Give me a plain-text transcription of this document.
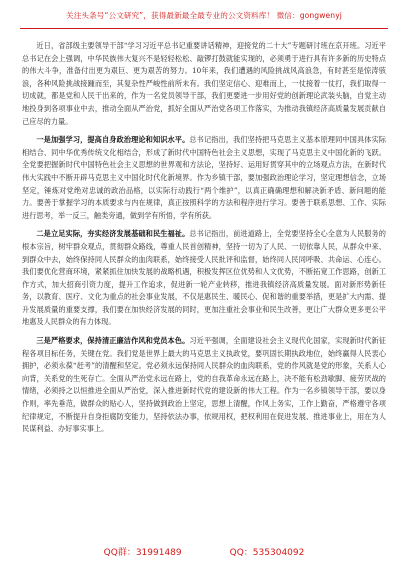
关注头条号“公文研究”，获得最新最全最专业的公文资料库！ 微信：gongwenyj

近日，省部级主要领导干部“学习习近平总书记重要讲话精神，迎接党的二十大”专题研讨班在京开班。习近平总书记在会上强调，中华民族伟大复兴不是轻轻松松、敲锣打鼓就能实现的，必须勇于进行具有许多新的历史特点的伟大斗争，准备付出更为艰巨、更为艰苦的努力。10年来，我们遭遇的风险挑战风高浪急，有时甚至是惊涛骇浪，各种风险挑战接踵而至，其复杂性严峻性前所未有。我们坚定信心、迎难而上，一仗接着一仗打，我们取得一切成就，都是党和人民干出来的，作为一名党员领导干部，我们更要进一步用好党的创新理论武装头脑，自觉主动地投身到各项事业中去，推动全面从严治党，抓好全面从严治党各项工作落实，为推动我镇经济高质量发展贡献自己应尽的力量。

一是加强学习，提高自身政治理论和知识水平。总书记指出，我们坚持把马克思主义基本原理同中国具体实际相结合、同中华优秀传统文化相结合，形成了新时代中国特色社会主义思想，实现了马克思主义中国化新的飞跃。全党要把握新时代中国特色社会主义思想的世界观和方法论，坚持好、运用好贯穿其中的立场观点方法，在新时代伟大实践中不断开辟马克思主义中国化时代化新境界。作为乡镇干部，要加强政治理论学习，坚定理想信念，立场坚定，锤炼对党绝对忠诚的政治品格，以实际行动践行“两个维护”，以真正确确理想和解决新矛盾、新问题的能力。要善于掌握学习的本质要求与内在规律，真正按照科学的方法和程序进行学习。要善于联系思想、工作、实际进行思考，举一反三，触类旁通，做到学有所悟，学有所获。

二是立足实际，夯实经济发展基础和民生福祉。总书记指出，前进道路上，全党要坚持全心全意为人民服务的根本宗旨，树牢群众观点，贯彻群众路线，尊重人民首创精神，坚持一切为了人民、一切依靠人民，从群众中来、到群众中去，始终保持同人民群众的血肉联系，始终接受人民批评和监督，始终同人民同呼吸、共命运、心连心。我们要优化营商环境，紧紧抓住加快发展的战略机遇，积极发挥区位优势和人文优势，不断拓宽工作思路，创新工作方式，加大招商引资力度，提升工作追求，促进新一轮产业转移，推进我镇经济高质量发展。面对新形势新任务，以教育、医疗、文化为重点的社会事业发展，不仅是惠民生、暖民心、促和谐的重要举措，更是扩大内需、提升发展质量的重要支撑，我们要在加快经济发展的同时，更加注重社会事业和民生改善，更让广大群众更多更公平地惠及人民群众的有力体现。

三是严格要求，保持清正廉洁作风和党员本色。习近平强调，全面建设社会主义现代化国家，实现新时代新征程各项目标任务，关键在党。我们党是世界上最大的马克思主义执政党，要巩固长期执政地位，始终赢得人民衷心拥护，必须永葆“赶考”的清醒和坚定。党必须永远保持同人民群众的血肉联系，党的作风就是党的形象，关系人心向背，关系党的生死存亡。全面从严治党永远在路上，党的自我革命永远在路上，决不能有松劲歇脚、疲劳厌战的情绪，必须持之以恒推进全面从严治党，深入推进新时代党的建设新的伟大工程。作为一名乡镇领导干部，要以身作则，率先垂范，做群众的贴心人，坚持做到政治上坚定，思想上清醒，作风上务实，工作上勤奋，严格遵守各项纪律规定，不断提升自身拒腐防变能力，坚持依法办事，依规用权，把权利用在促进发展、推进事业上，用在为人民谋利益、办好事实事上。

QQ群：31991489	QQ：535304092
